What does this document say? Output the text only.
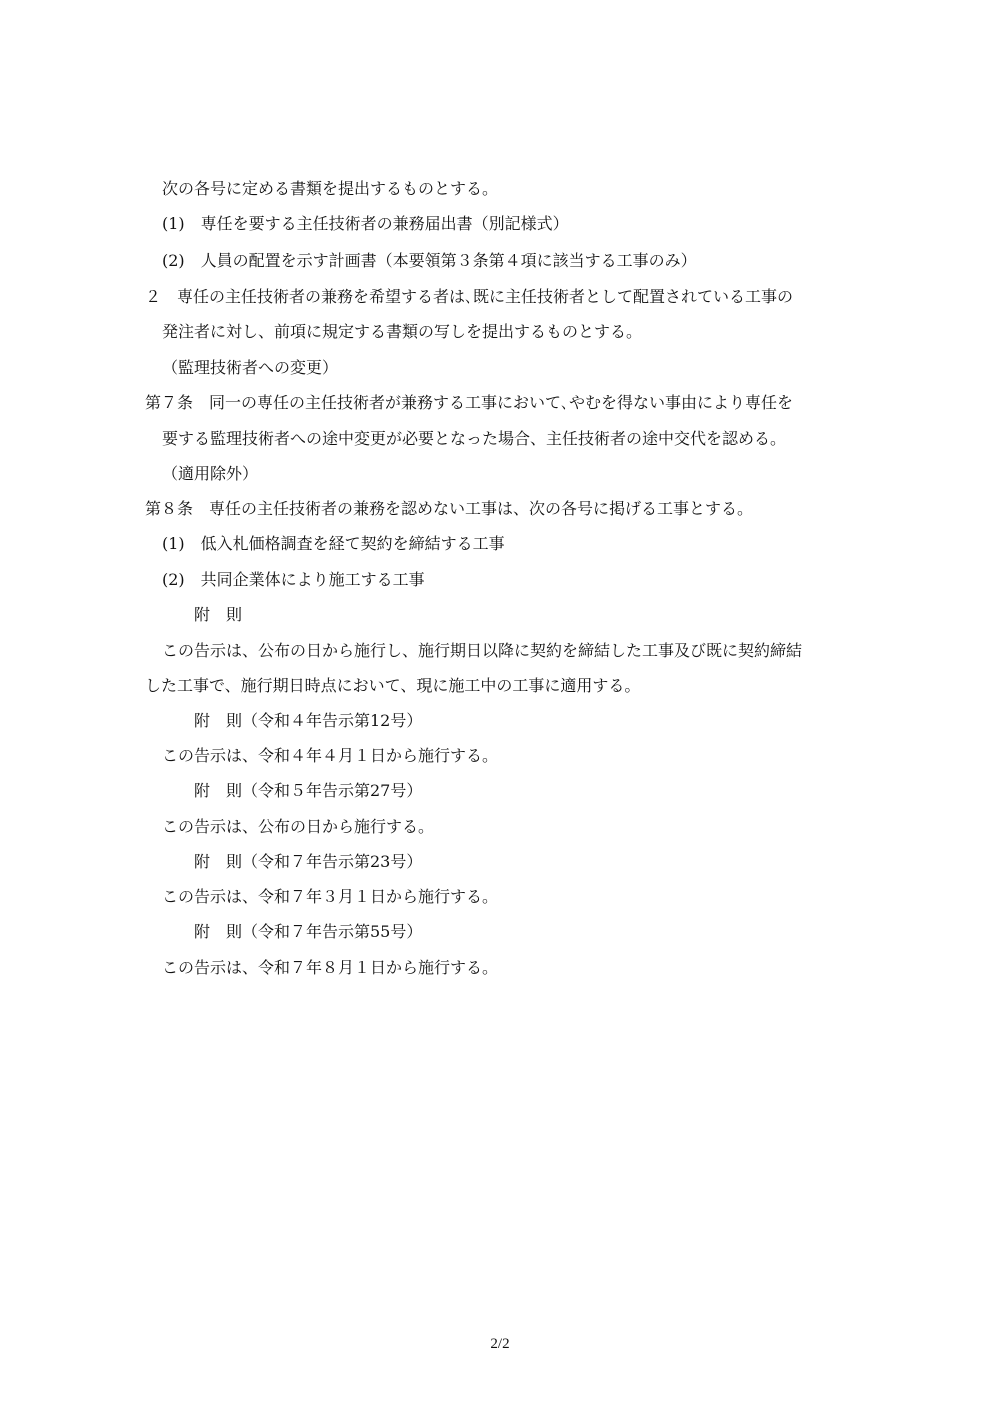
次の各号に定める書類を提出するものとする。
(1)　専任を要する主任技術者の兼務届出書（別記様式）
(2)　人員の配置を示す計画書（本要領第３条第４項に該当する工事のみ）
２　専任の主任技術者の兼務を希望する者は､既に主任技術者として配置されている工事の
発注者に対し、前項に規定する書類の写しを提出するものとする。
（監理技術者への変更）
第７条　同一の専任の主任技術者が兼務する工事において､やむを得ない事由により専任を
要する監理技術者への途中変更が必要となった場合、主任技術者の途中交代を認める。
（適用除外）
第８条　専任の主任技術者の兼務を認めない工事は、次の各号に掲げる工事とする。
(1)　低入札価格調査を経て契約を締結する工事
(2)　共同企業体により施工する工事
附　則
この告示は、公布の日から施行し、施行期日以降に契約を締結した工事及び既に契約締結
した工事で、施行期日時点において、現に施工中の工事に適用する。
附　則（令和４年告示第12号）
この告示は、令和４年４月１日から施行する。
附　則（令和５年告示第27号）
この告示は、公布の日から施行する。
附　則（令和７年告示第23号）
この告示は、令和７年３月１日から施行する。
附　則（令和７年告示第55号）
この告示は、令和７年８月１日から施行する。
2/2
